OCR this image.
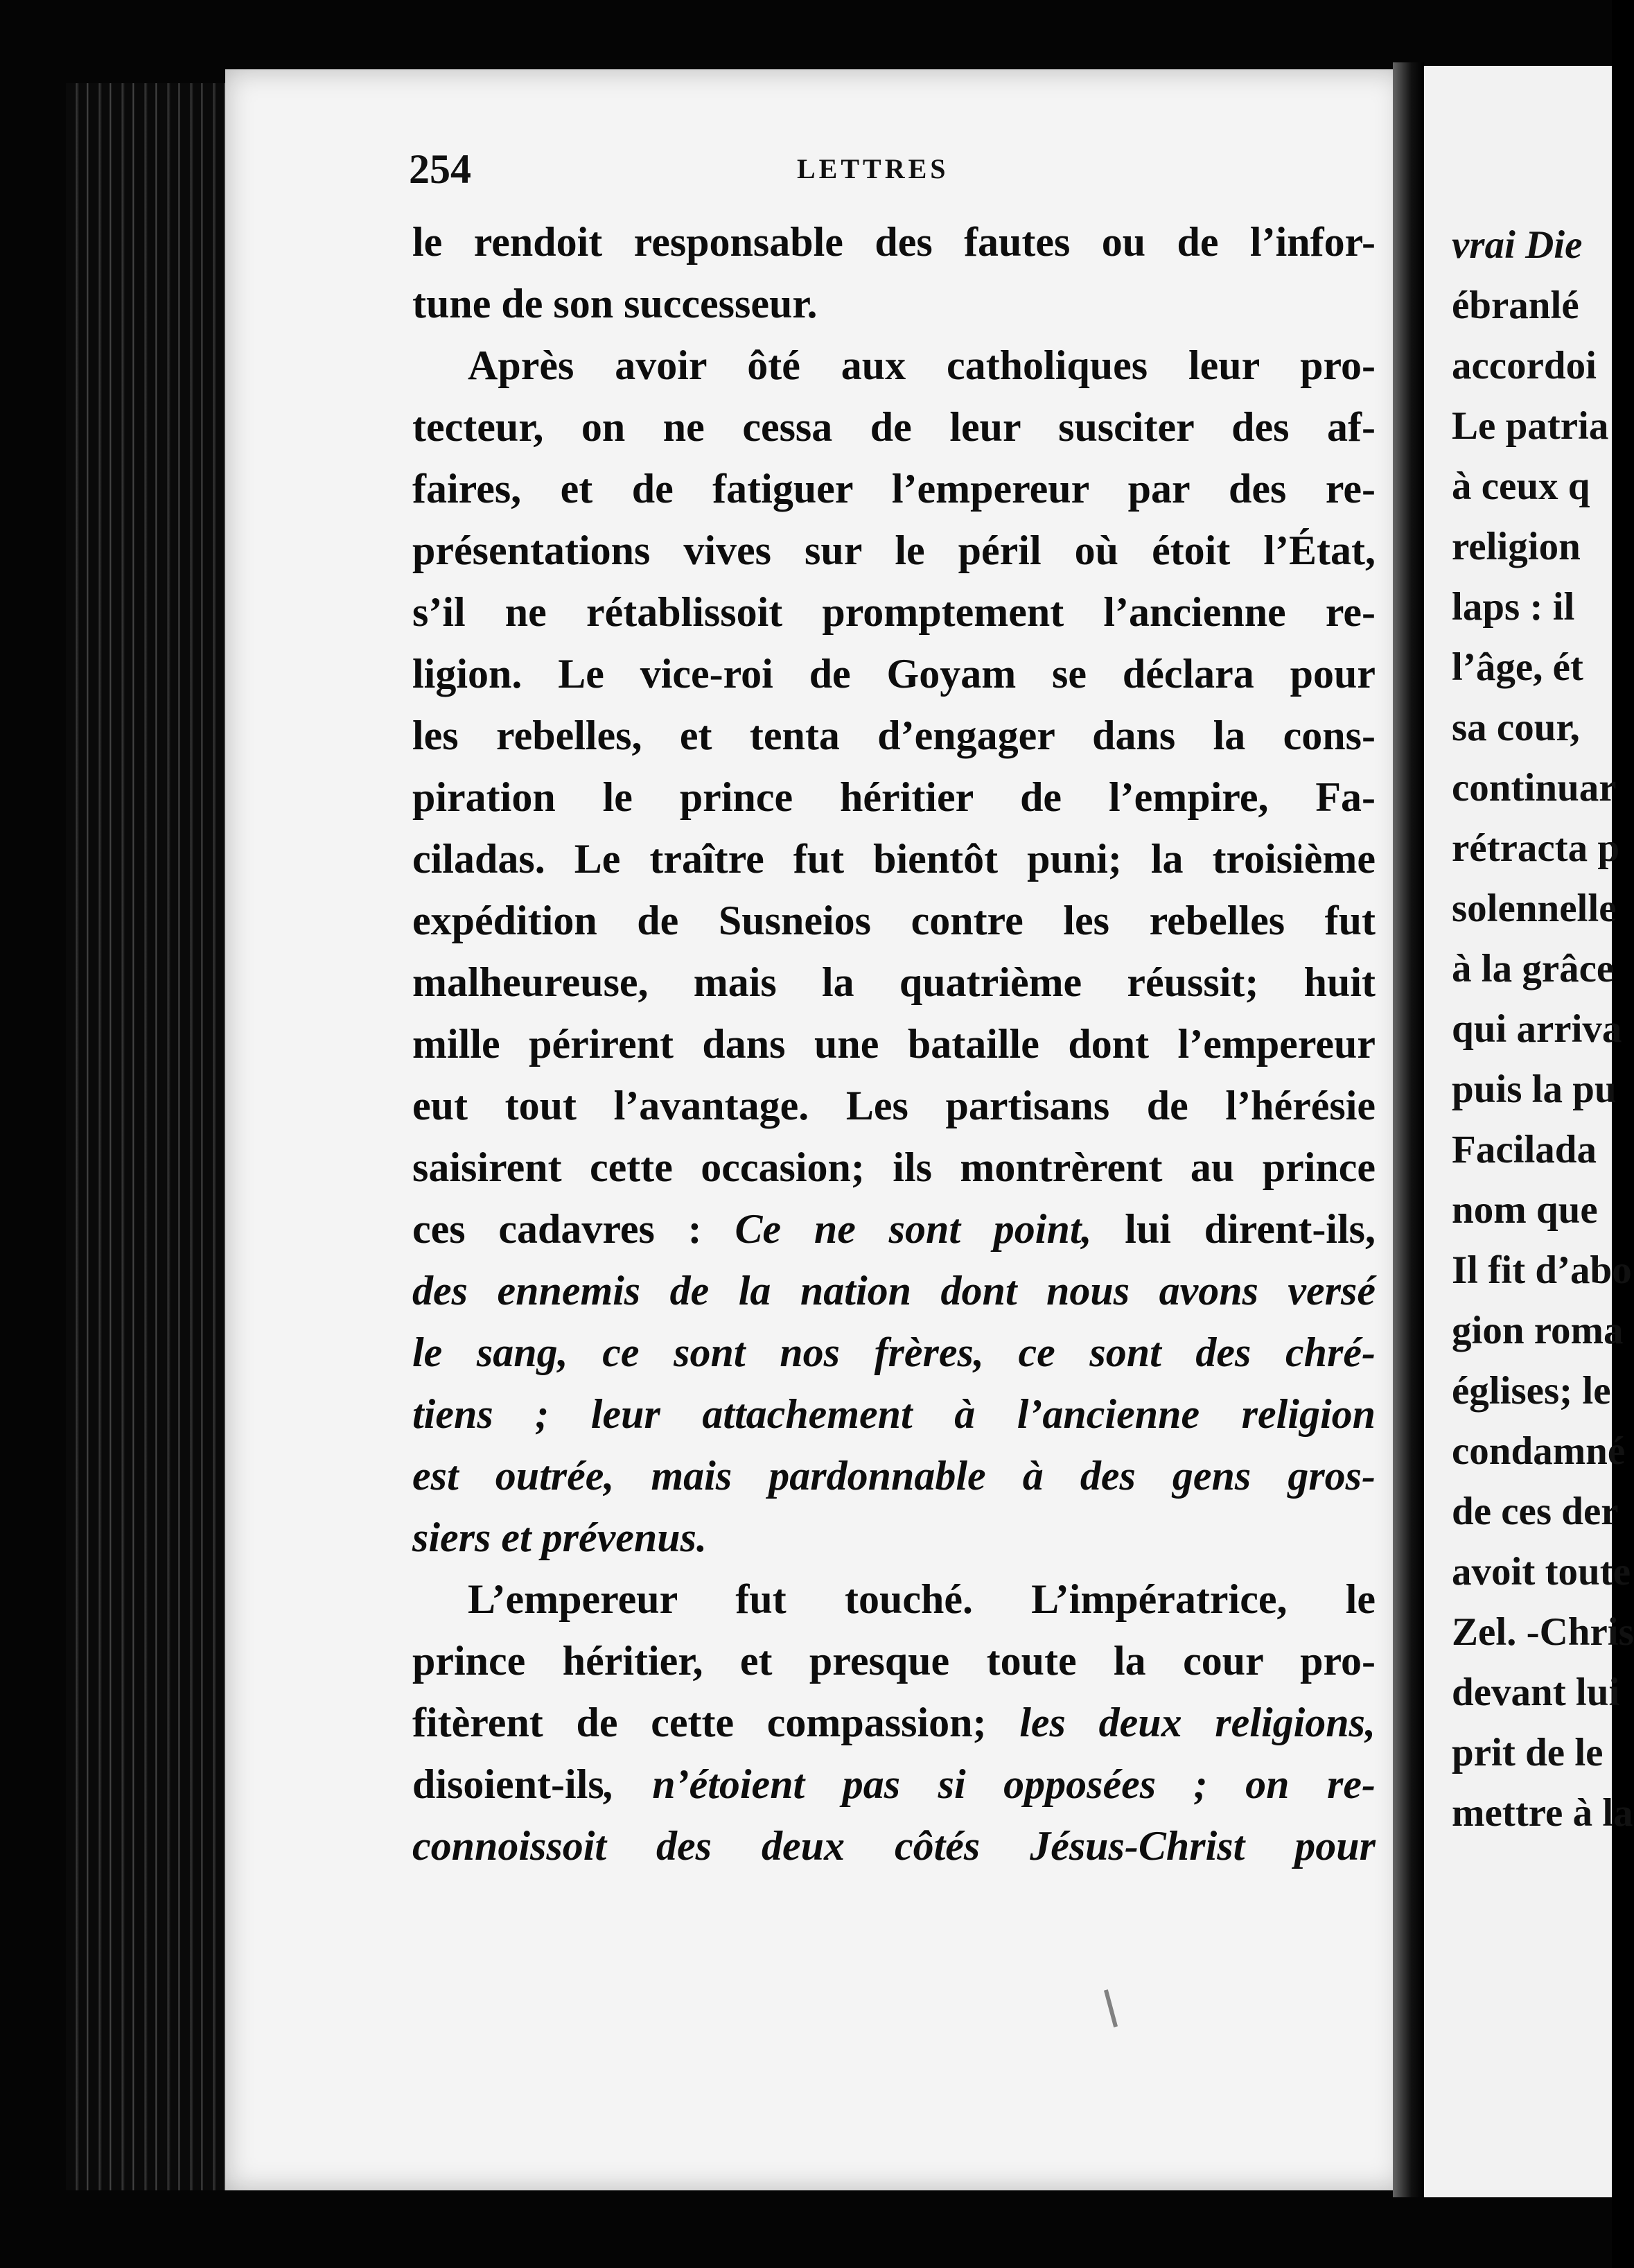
vrai Die
ébranlé
accordoi
Le patria
à ceux q
religion
laps : il
l’âge, ét
sa cour,
continuar
rétracta p
solennelle
à la grâce
qui arriva
puis la pu
Facilada
nom que
Il fit d’abo
gion roma
églises; le
condamné
de ces der
avoit toute
Zel. -Chris
devant lui
prit de le
mettre à la
254	LETTRES
le rendoit responsable des fautes ou de l’infor-
tune de son successeur.
Après avoir ôté aux catholiques leur pro-
tecteur, on ne cessa de leur susciter des af-
faires, et de fatiguer l’empereur par des re-
présentations vives sur le péril où étoit l’État,
s’il ne rétablissoit promptement l’ancienne re-
ligion. Le vice-roi de Goyam se déclara pour
les rebelles, et tenta d’engager dans la cons-
piration le prince héritier de l’empire, Fa-
ciladas. Le traître fut bientôt puni; la troisième
expédition de Susneios contre les rebelles fut
malheureuse, mais la quatrième réussit; huit
mille périrent dans une bataille dont l’empereur
eut tout l’avantage. Les partisans de l’hérésie
saisirent cette occasion; ils montrèrent au prince
ces cadavres : Ce ne sont point, lui dirent-ils,
des ennemis de la nation dont nous avons versé
le sang, ce sont nos frères, ce sont des chré-
tiens ; leur attachement à l’ancienne religion
est outrée, mais pardonnable à des gens gros-
siers et prévenus.
L’empereur fut touché. L’impératrice, le
prince héritier, et presque toute la cour pro-
fitèrent de cette compassion; les deux religions,
disoient-ils, n’étoient pas si opposées ; on re-
connoissoit des deux côtés Jésus-Christ pour
